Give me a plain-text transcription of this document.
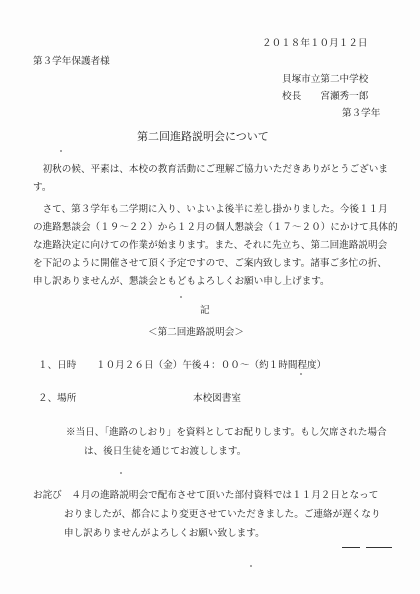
２０１８年１０月１２日
第３学年保護者様
貝塚市立第二中学校
校長　　宮瀬秀一郎
第３学年
第二回進路説明会について
　初秋の候、平素は、本校の教育活動にご理解ご協力いただきありがとうございま
す。
　さて、第３学年も二学期に入り、いよいよ後半に差し掛かりました。今後１１月
の進路懇談会（１９～２２）から１２月の個人懇談会（１７～２０）にかけて具体的
な進路決定に向けての作業が始まります。また、それに先立ち、第二回進路説明会
を下記のように開催させて頂く予定ですので、ご案内致します。諸事ご多忙の折、
申し訳ありませんが、懇談会ともどもよろしくお願い申し上げます。
記
＜第二回進路説明会＞
１、日時 １０月２６日（金）午後４：００～（約１時間程度）
２、場所	本校図書室
※当日、「進路のしおり」を資料としてお配りします。もし欠席された場合
は、後日生徒を通じてお渡しします。
お詫び　４月の進路説明会で配布させて頂いた部付資料では１１月２日となって
おりましたが、都合により変更させていただきました。ご連絡が遅くなり
申し訳ありませんがよろしくお願い致します。
